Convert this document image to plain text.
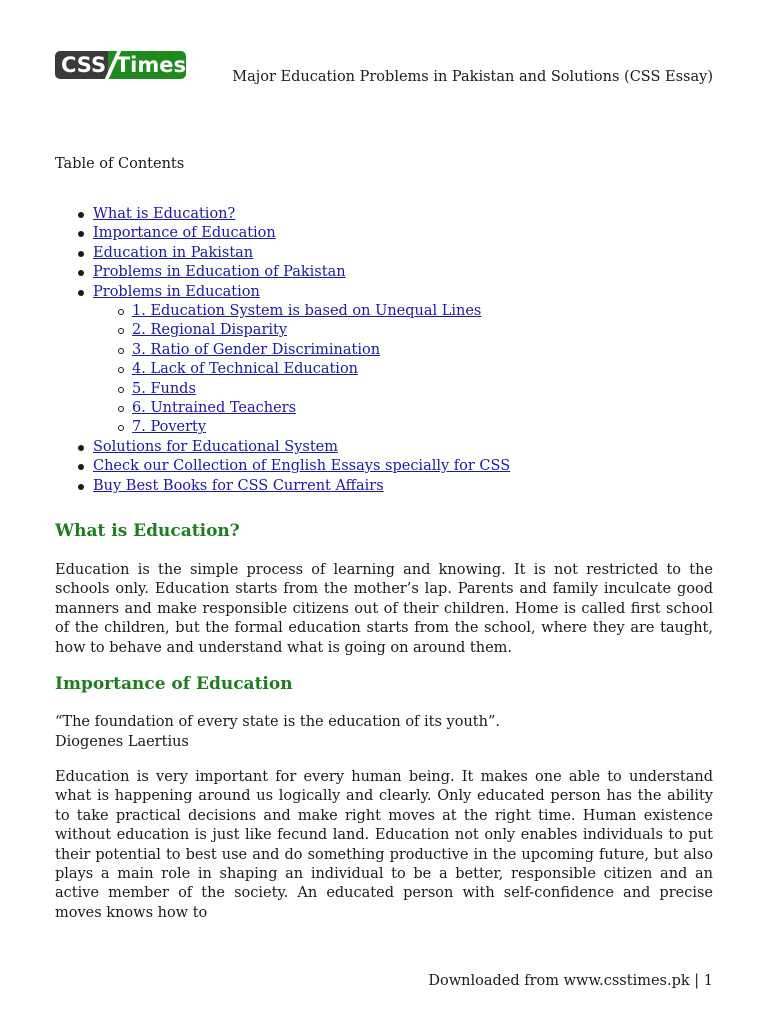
CSS Times	Major Education Problems in Pakistan and Solutions (CSS Essay)
Table of Contents
What is Education?
Importance of Education
Education in Pakistan
Problems in Education of Pakistan
Problems in Education
1. Education System is based on Unequal Lines
2. Regional Disparity
3. Ratio of Gender Discrimination
4. Lack of Technical Education
5. Funds
6. Untrained Teachers
7. Poverty
Solutions for Educational System
Check our Collection of English Essays specially for CSS
Buy Best Books for CSS Current Affairs
What is Education?

Education is the simple process of learning and knowing. It is not restricted to the schools only. Education starts from the mother’s lap. Parents and family inculcate good manners and make responsible citizens out of their children. Home is called first school of the children, but the formal education starts from the school, where they are taught, how to behave and understand what is going on around them.

Importance of Education

“The foundation of every state is the education of its youth”.

Diogenes Laertius

Education is very important for every human being. It makes one able to understand what is happening around us logically and clearly. Only educated person has the ability to take practical decisions and make right moves at the right time. Human existence without education is just like fecund land. Education not only enables individuals to put their potential to best use and do something productive in the upcoming future, but also plays a main role in shaping an individual to be a better, responsible citizen and an active member of the society. An educated person with self-confidence and precise moves knows how to

Downloaded from www.csstimes.pk | 1
